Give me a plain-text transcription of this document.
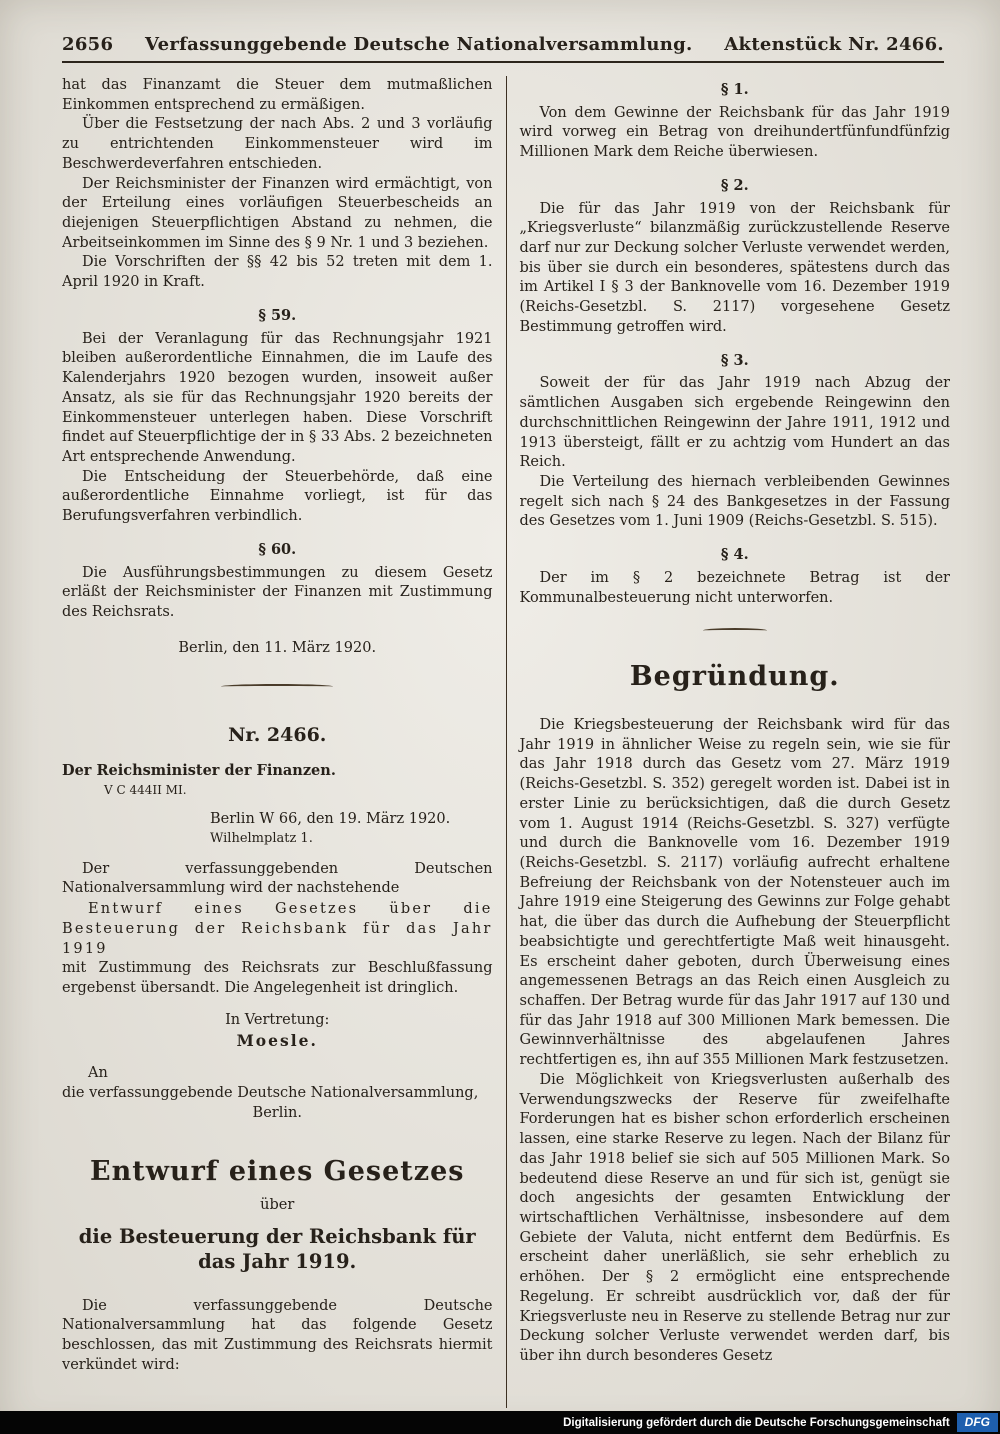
2656 Verfassunggebende Deutsche Nationalversammlung. Aktenstück Nr. 2466.

hat das Finanzamt die Steuer dem mutmaßlichen Einkommen entsprechend zu ermäßigen.

Über die Festsetzung der nach Abs. 2 und 3 vorläufig zu entrichtenden Einkommensteuer wird im Beschwerdeverfahren entschieden.

Der Reichsminister der Finanzen wird ermächtigt, von der Erteilung eines vorläufigen Steuerbescheids an diejenigen Steuerpflichtigen Abstand zu nehmen, die Arbeitseinkommen im Sinne des § 9 Nr. 1 und 3 beziehen.

Die Vorschriften der §§ 42 bis 52 treten mit dem 1. April 1920 in Kraft.

§ 59.

Bei der Veranlagung für das Rechnungsjahr 1921 bleiben außerordentliche Einnahmen, die im Laufe des Kalenderjahrs 1920 bezogen wurden, insoweit außer Ansatz, als sie für das Rechnungsjahr 1920 bereits der Einkommensteuer unterlegen haben. Diese Vorschrift findet auf Steuerpflichtige der in § 33 Abs. 2 bezeichneten Art entsprechende Anwendung.

Die Entscheidung der Steuerbehörde, daß eine außerordentliche Einnahme vorliegt, ist für das Berufungsverfahren verbindlich.

§ 60.

Die Ausführungsbestimmungen zu diesem Gesetz erläßt der Reichsminister der Finanzen mit Zustimmung des Reichsrats.

Berlin, den 11. März 1920.

Nr. 2466.

Der Reichsminister der Finanzen.

V C 444II MI.

Berlin W 66, den 19. März 1920.

Wilhelmplatz 1.

Der verfassunggebenden Deutschen Nationalversammlung wird der nachstehende

Entwurf eines Gesetzes über die Besteuerung der Reichsbank für das Jahr 1919

mit Zustimmung des Reichsrats zur Beschlußfassung ergebenst übersandt. Die Angelegenheit ist dringlich.

In Vertretung:

Moesle.

An

die verfassunggebende Deutsche Nationalversammlung,

Berlin.

Entwurf eines Gesetzes

über

die Besteuerung der Reichsbank für das Jahr 1919.

Die verfassunggebende Deutsche Nationalversammlung hat das folgende Gesetz beschlossen, das mit Zustimmung des Reichsrats hiermit verkündet wird:

§ 1.

Von dem Gewinne der Reichsbank für das Jahr 1919 wird vorweg ein Betrag von dreihundertfünfundfünfzig Millionen Mark dem Reiche überwiesen.

§ 2.

Die für das Jahr 1919 von der Reichsbank für „Kriegsverluste“ bilanzmäßig zurückzustellende Reserve darf nur zur Deckung solcher Verluste verwendet werden, bis über sie durch ein besonderes, spätestens durch das im Artikel I § 3 der Banknovelle vom 16. Dezember 1919 (Reichs-Gesetzbl. S. 2117) vorgesehene Gesetz Bestimmung getroffen wird.

§ 3.

Soweit der für das Jahr 1919 nach Abzug der sämtlichen Ausgaben sich ergebende Reingewinn den durchschnittlichen Reingewinn der Jahre 1911, 1912 und 1913 übersteigt, fällt er zu achtzig vom Hundert an das Reich.

Die Verteilung des hiernach verbleibenden Gewinnes regelt sich nach § 24 des Bankgesetzes in der Fassung des Gesetzes vom 1. Juni 1909 (Reichs-Gesetzbl. S. 515).

§ 4.

Der im § 2 bezeichnete Betrag ist der Kommunalbesteuerung nicht unterworfen.

Begründung.

Die Kriegsbesteuerung der Reichsbank wird für das Jahr 1919 in ähnlicher Weise zu regeln sein, wie sie für das Jahr 1918 durch das Gesetz vom 27. März 1919 (Reichs-Gesetzbl. S. 352) geregelt worden ist. Dabei ist in erster Linie zu berücksichtigen, daß die durch Gesetz vom 1. August 1914 (Reichs-Gesetzbl. S. 327) verfügte und durch die Banknovelle vom 16. Dezember 1919 (Reichs-Gesetzbl. S. 2117) vorläufig aufrecht erhaltene Befreiung der Reichsbank von der Notensteuer auch im Jahre 1919 eine Steigerung des Gewinns zur Folge gehabt hat, die über das durch die Aufhebung der Steuerpflicht beabsichtigte und gerechtfertigte Maß weit hinausgeht. Es erscheint daher geboten, durch Überweisung eines angemessenen Betrags an das Reich einen Ausgleich zu schaffen. Der Betrag wurde für das Jahr 1917 auf 130 und für das Jahr 1918 auf 300 Millionen Mark bemessen. Die Gewinnverhältnisse des abgelaufenen Jahres rechtfertigen es, ihn auf 355 Millionen Mark festzusetzen.

Die Möglichkeit von Kriegsverlusten außerhalb des Verwendungszwecks der Reserve für zweifelhafte Forderungen hat es bisher schon erforderlich erscheinen lassen, eine starke Reserve zu legen. Nach der Bilanz für das Jahr 1918 belief sie sich auf 505 Millionen Mark. So bedeutend diese Reserve an und für sich ist, genügt sie doch angesichts der gesamten Entwicklung der wirtschaftlichen Verhältnisse, insbesondere auf dem Gebiete der Valuta, nicht entfernt dem Bedürfnis. Es erscheint daher unerläßlich, sie sehr erheblich zu erhöhen. Der § 2 ermöglicht eine entsprechende Regelung. Er schreibt ausdrücklich vor, daß der für Kriegsverluste neu in Reserve zu stellende Betrag nur zur Deckung solcher Verluste verwendet werden darf, bis über ihn durch besonderes Gesetz

Digitalisierung gefördert durch die Deutsche Forschungsgemeinschaft	DFG
